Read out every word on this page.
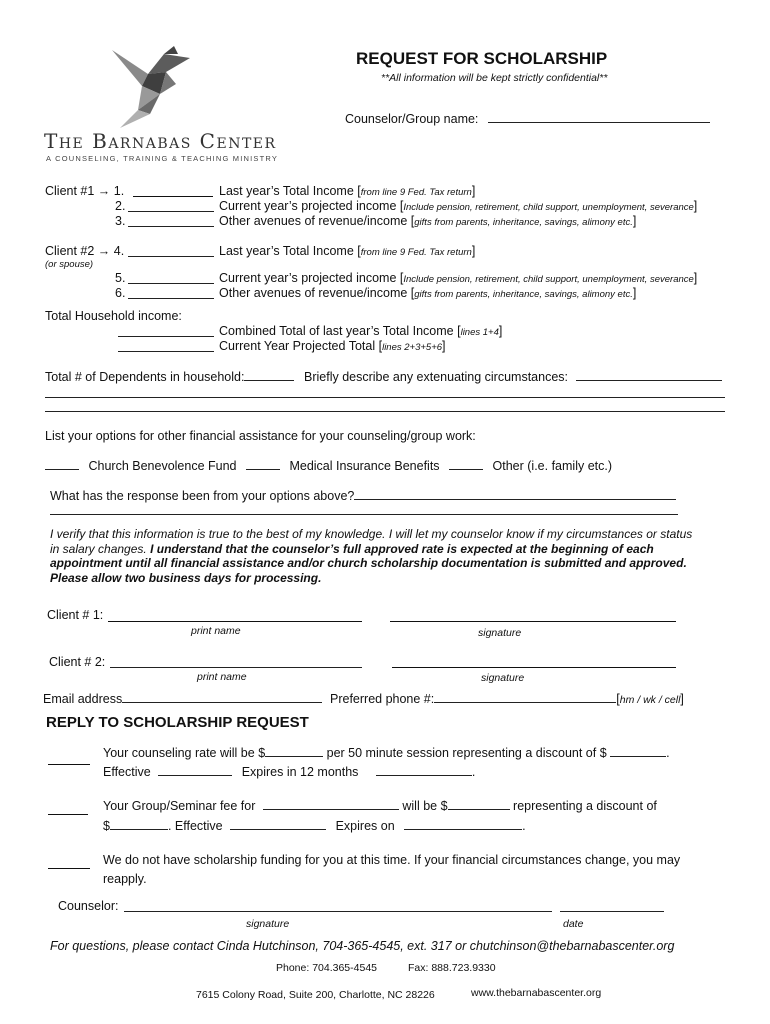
The Barnabas Center
A COUNSELING, TRAINING & TEACHING MINISTRY
REQUEST FOR SCHOLARSHIP
**All information will be kept strictly confidential**
Counselor/Group name:
Client #1 → 1.	Last year’s Total Income [from line 9 Fed. Tax return]
2.	Current year’s projected income [Include pension, retirement, child support, unemployment, severance]
3.	Other avenues of revenue/income [gifts from parents, inheritance, savings, alimony etc.]
Client #2 → 4.	Last year’s Total Income [from line 9 Fed. Tax return]
(or spouse)
5.	Current year’s projected income [Include pension, retirement, child support, unemployment, severance]
6.	Other avenues of revenue/income [gifts from parents, inheritance, savings, alimony etc.]
Total Household income:
Combined Total of last year’s Total Income [lines 1+4]
Current Year Projected Total [lines 2+3+5+6]
Total # of Dependents in household:	Briefly describe any extenuating circumstances:
List your options for other financial assistance for your counseling/group work:
Church Benevolence Fund	Medical Insurance Benefits	Other (i.e. family etc.)
What has the response been from your options above?
I verify that this information is true to the best of my knowledge. I will let my counselor know if my circumstances or status in salary changes. I understand that the counselor’s full approved rate is expected at the beginning of each appointment until all financial assistance and/or church scholarship documentation is submitted and approved. Please allow two business days for processing.
Client # 1:
print name	signature
Client # 2:
print name	signature
Email address	Preferred phone #:	[hm / wk / cell]
REPLY TO SCHOLARSHIP REQUEST
Your counseling rate will be $	per 50 minute session representing a discount of $	.
Effective	Expires in 12 months	.
Your Group/Seminar fee for	will be $	representing a discount of
$	. Effective	Expires on	.
We do not have scholarship funding for you at this time. If your financial circumstances change, you may
reapply.
Counselor:
signature	date
For questions, please contact Cinda Hutchinson, 704-365-4545, ext. 317 or chutchinson@thebarnabascenter.org
Phone: 704.365-4545	Fax: 888.723.9330
7615 Colony Road, Suite 200, Charlotte, NC 28226	www.thebarnabascenter.org
